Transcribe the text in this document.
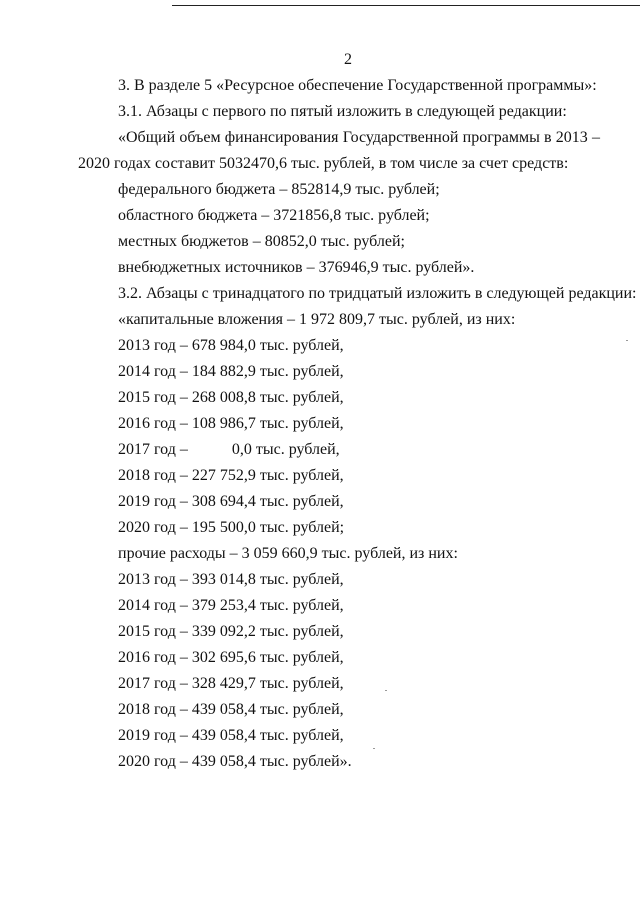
2
3. В разделе 5 «Ресурсное обеспечение Государственной программы»:
3.1. Абзацы с первого по пятый изложить в следующей редакции:
«Общий объем финансирования Государственной программы в 2013 – 2020 годах составит 5032470,6 тыс. рублей, в том числе за счет средств:
федерального бюджета – 852814,9 тыс. рублей;
областного бюджета – 3721856,8 тыс. рублей;
местных бюджетов – 80852,0 тыс. рублей;
внебюджетных источников – 376946,9 тыс. рублей».
3.2. Абзацы с тринадцатого по тридцатый изложить в следующей редакции:
«капитальные вложения – 1 972 809,7 тыс. рублей, из них:
2013 год – 678 984,0 тыс. рублей,
2014 год – 184 882,9 тыс. рублей,
2015 год – 268 008,8 тыс. рублей,
2016 год – 108 986,7 тыс. рублей,
2017 год –	0,0 тыс. рублей,
2018 год – 227 752,9 тыс. рублей,
2019 год – 308 694,4 тыс. рублей,
2020 год – 195 500,0 тыс. рублей;
прочие расходы – 3 059 660,9 тыс. рублей, из них:
2013 год – 393 014,8 тыс. рублей,
2014 год – 379 253,4 тыс. рублей,
2015 год – 339 092,2 тыс. рублей,
2016 год – 302 695,6 тыс. рублей,
2017 год – 328 429,7 тыс. рублей,
2018 год – 439 058,4 тыс. рублей,
2019 год – 439 058,4 тыс. рублей,
2020 год – 439 058,4 тыс. рублей».
